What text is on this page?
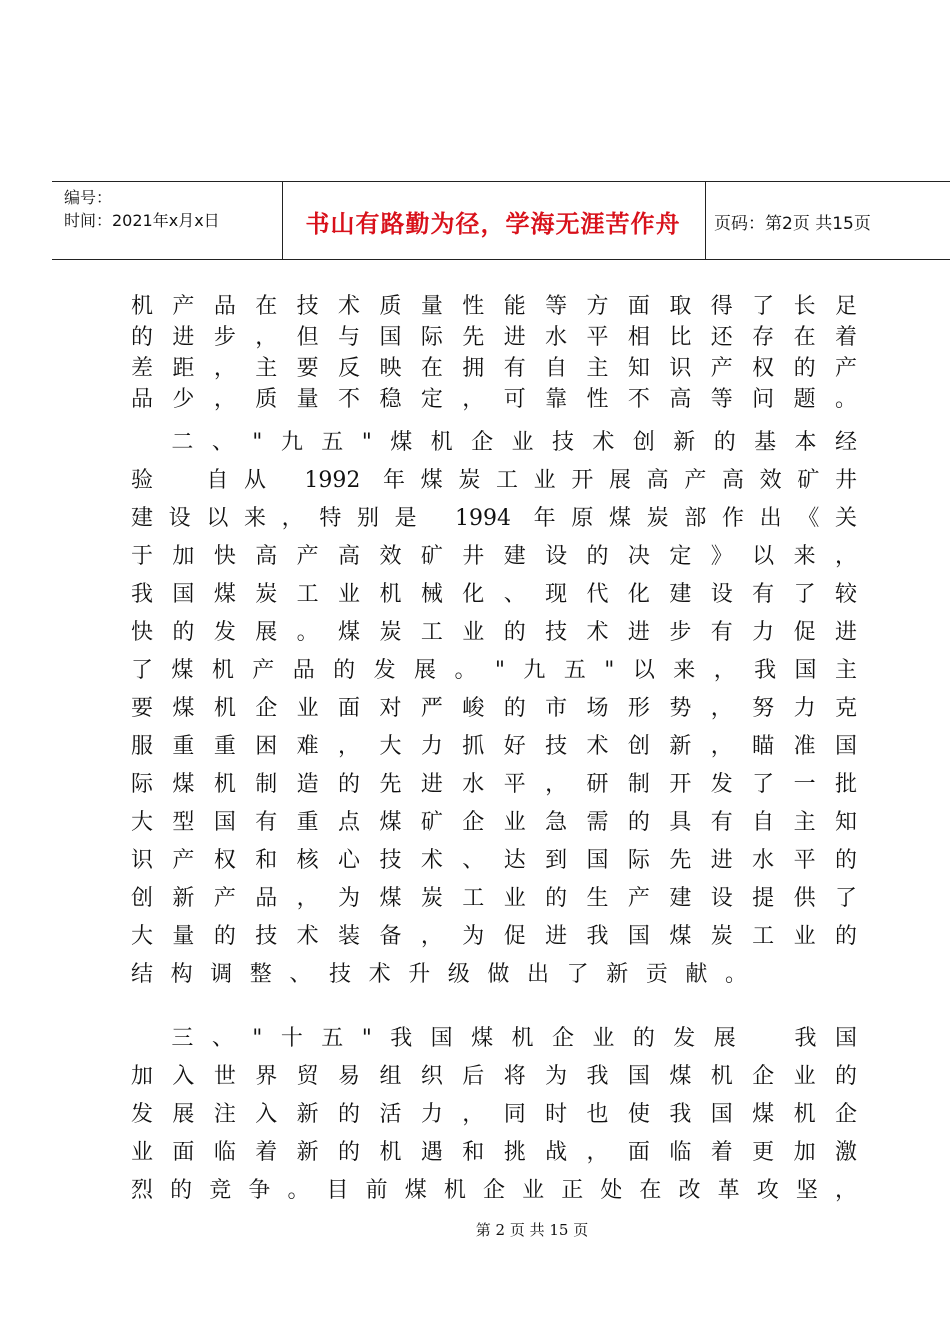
编号：
时间：2021年x月x日	书山有路勤为径，学海无涯苦作舟	页码：第2页 共15页
机产品在技术质量性能等方面取得了长足
的进步，但与国际先进水平相比还存在着
差距，主要反映在拥有自主知识产权的产
品少，质量不稳定，可靠性不高等问题。
　二、"九五"煤机企业技术创新的基本经
验　自从 1992 年煤炭工业开展高产高效矿井
建设以来，特别是 1994 年原煤炭部作出《关
于加快高产高效矿井建设的决定》以来，
我国煤炭工业机械化、现代化建设有了较
快的发展。煤炭工业的技术进步有力促进
了煤机产品的发展。"九五"以来，我国主
要煤机企业面对严峻的市场形势，努力克
服重重困难，大力抓好技术创新，瞄准国
际煤机制造的先进水平，研制开发了一批
大型国有重点煤矿企业急需的具有自主知
识产权和核心技术、达到国际先进水平的
创新产品，为煤炭工业的生产建设提供了
大量的技术装备，为促进我国煤炭工业的
结构调整、技术升级做出了新贡献。
　三、"十五"我国煤机企业的发展　我国
加入世界贸易组织后将为我国煤机企业的
发展注入新的活力，同时也使我国煤机企
业面临着新的机遇和挑战，面临着更加激
烈的竞争。目前煤机企业正处在改革攻坚，
第 2 页 共 15 页
